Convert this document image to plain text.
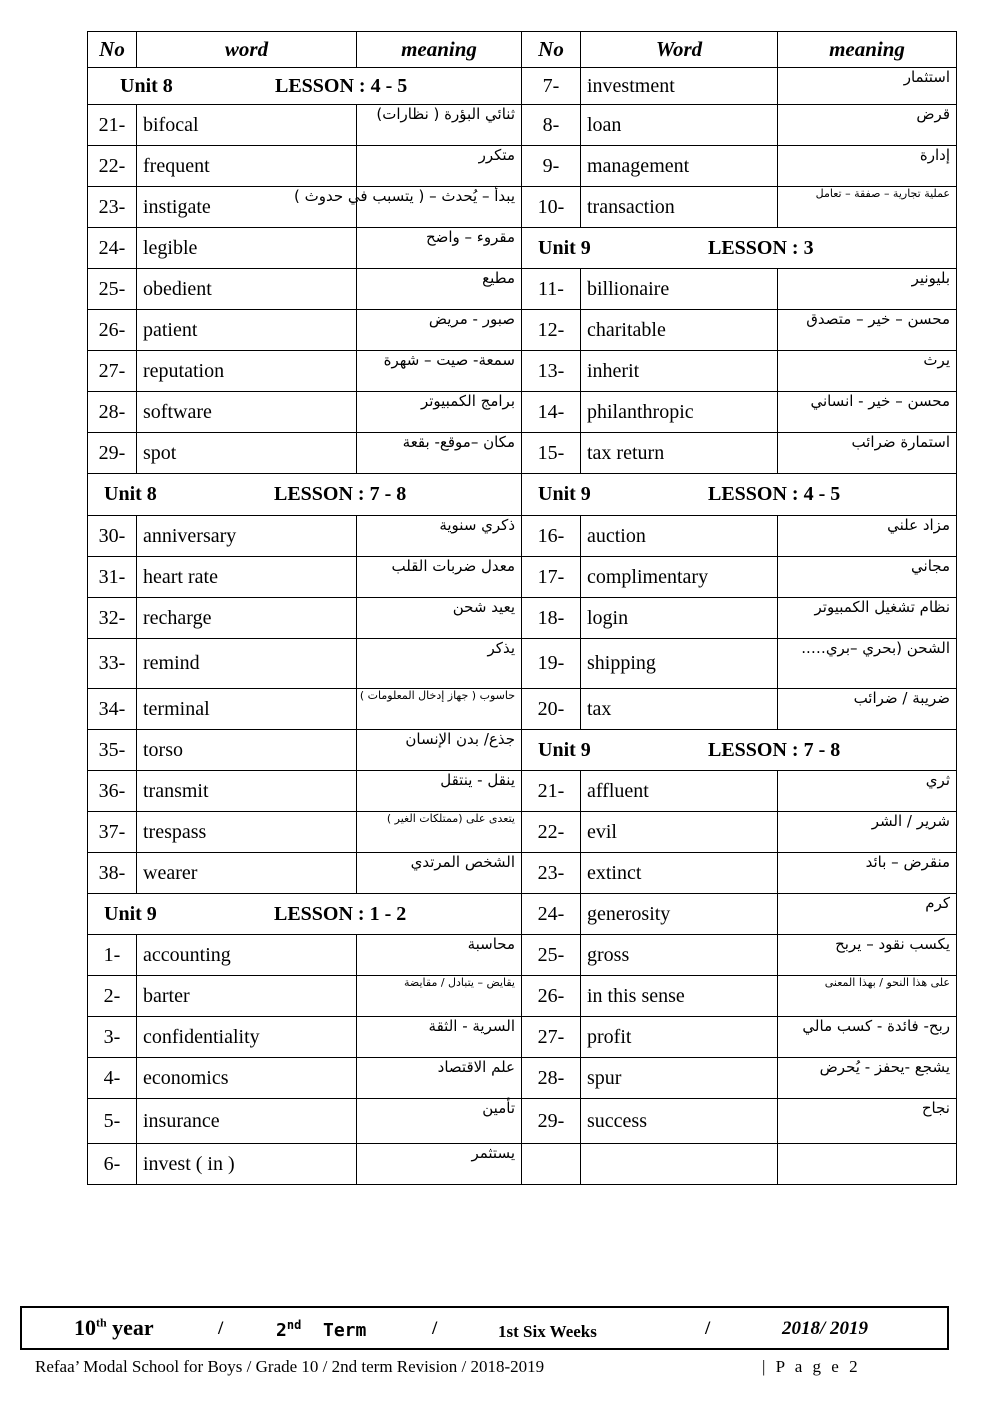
No	word	meaning	No	Word	meaning
Unit 8 LESSON : 4 - 5			7-	investment	استثمار
21-	bifocal	ثنائي البؤرة ( نظارات)	8-	loan	قرض
22-	frequent	متكرر	9-	management	إدارة
23-	instigate	يبدأ – يُحدث – ( يتسبب في حدوث )	10-	transaction	عملية تجارية – صفقة – تعامل
24-	legible	مقروء – واضح	Unit 9 LESSON : 3		
25-	obedient	مطيع	11-	billionaire	بليونير
26-	patient	صبور - مريض	12-	charitable	محسن – خير – متصدق
27-	reputation	سمعة- صيت – شهرة	13-	inherit	يرث
28-	software	برامج الكمبيوتر	14-	philanthropic	محسن – خير - انساني
29-	spot	مكان –موقع- بقعة	15-	tax return	استمارة ضرائب
Unit 8 LESSON : 7 - 8			Unit 9 LESSON : 4 - 5		
30-	anniversary	ذكري سنوية	16-	auction	مزاد علني
31-	heart rate	معدل ضربات القلب	17-	complimentary	مجاني
32-	recharge	يعيد شحن	18-	login	نظام تشغيل الكمبيوتر
33-	remind	يذكر	19-	shipping	الشحن (بحري –بري…..
34-	terminal	حاسوب ( جهاز إدخال المعلومات )	20-	tax	ضريبة / ضرائب
35-	torso	جذع/ بدن الإنسان	Unit 9 LESSON : 7 - 8		
36-	transmit	ينقل - ينتقل	21-	affluent	ثري
37-	trespass	يتعدى على (ممتلكات الغير )	22-	evil	شرير / الشر
38-	wearer	الشخص المرتدي	23-	extinct	منقرض – بائد
Unit 9 LESSON : 1 - 2			24-	generosity	كرم
1-	accounting	محاسبة	25-	gross	يكسب نقود – يربح
2-	barter	يقايض – يتبادل / مقايضة	26-	in this sense	على هذا النحو / بهذا المعنى
3-	confidentiality	السرية - الثقة	27-	profit	ربح- فائدة - كسب مالي
4-	economics	علم الاقتصاد	28-	spur	يشجع -يحفز - يُحرض
5-	insurance	تأمين	29-	success	نجاح
6-	invest ( in )	يستثمر			
10th year	/	2nd Term	/	1st Six Weeks	/	2018/ 2019
Refaa’ Modal School for Boys / Grade 10 / 2nd term Revision / 2018-2019	| P a g e 2
